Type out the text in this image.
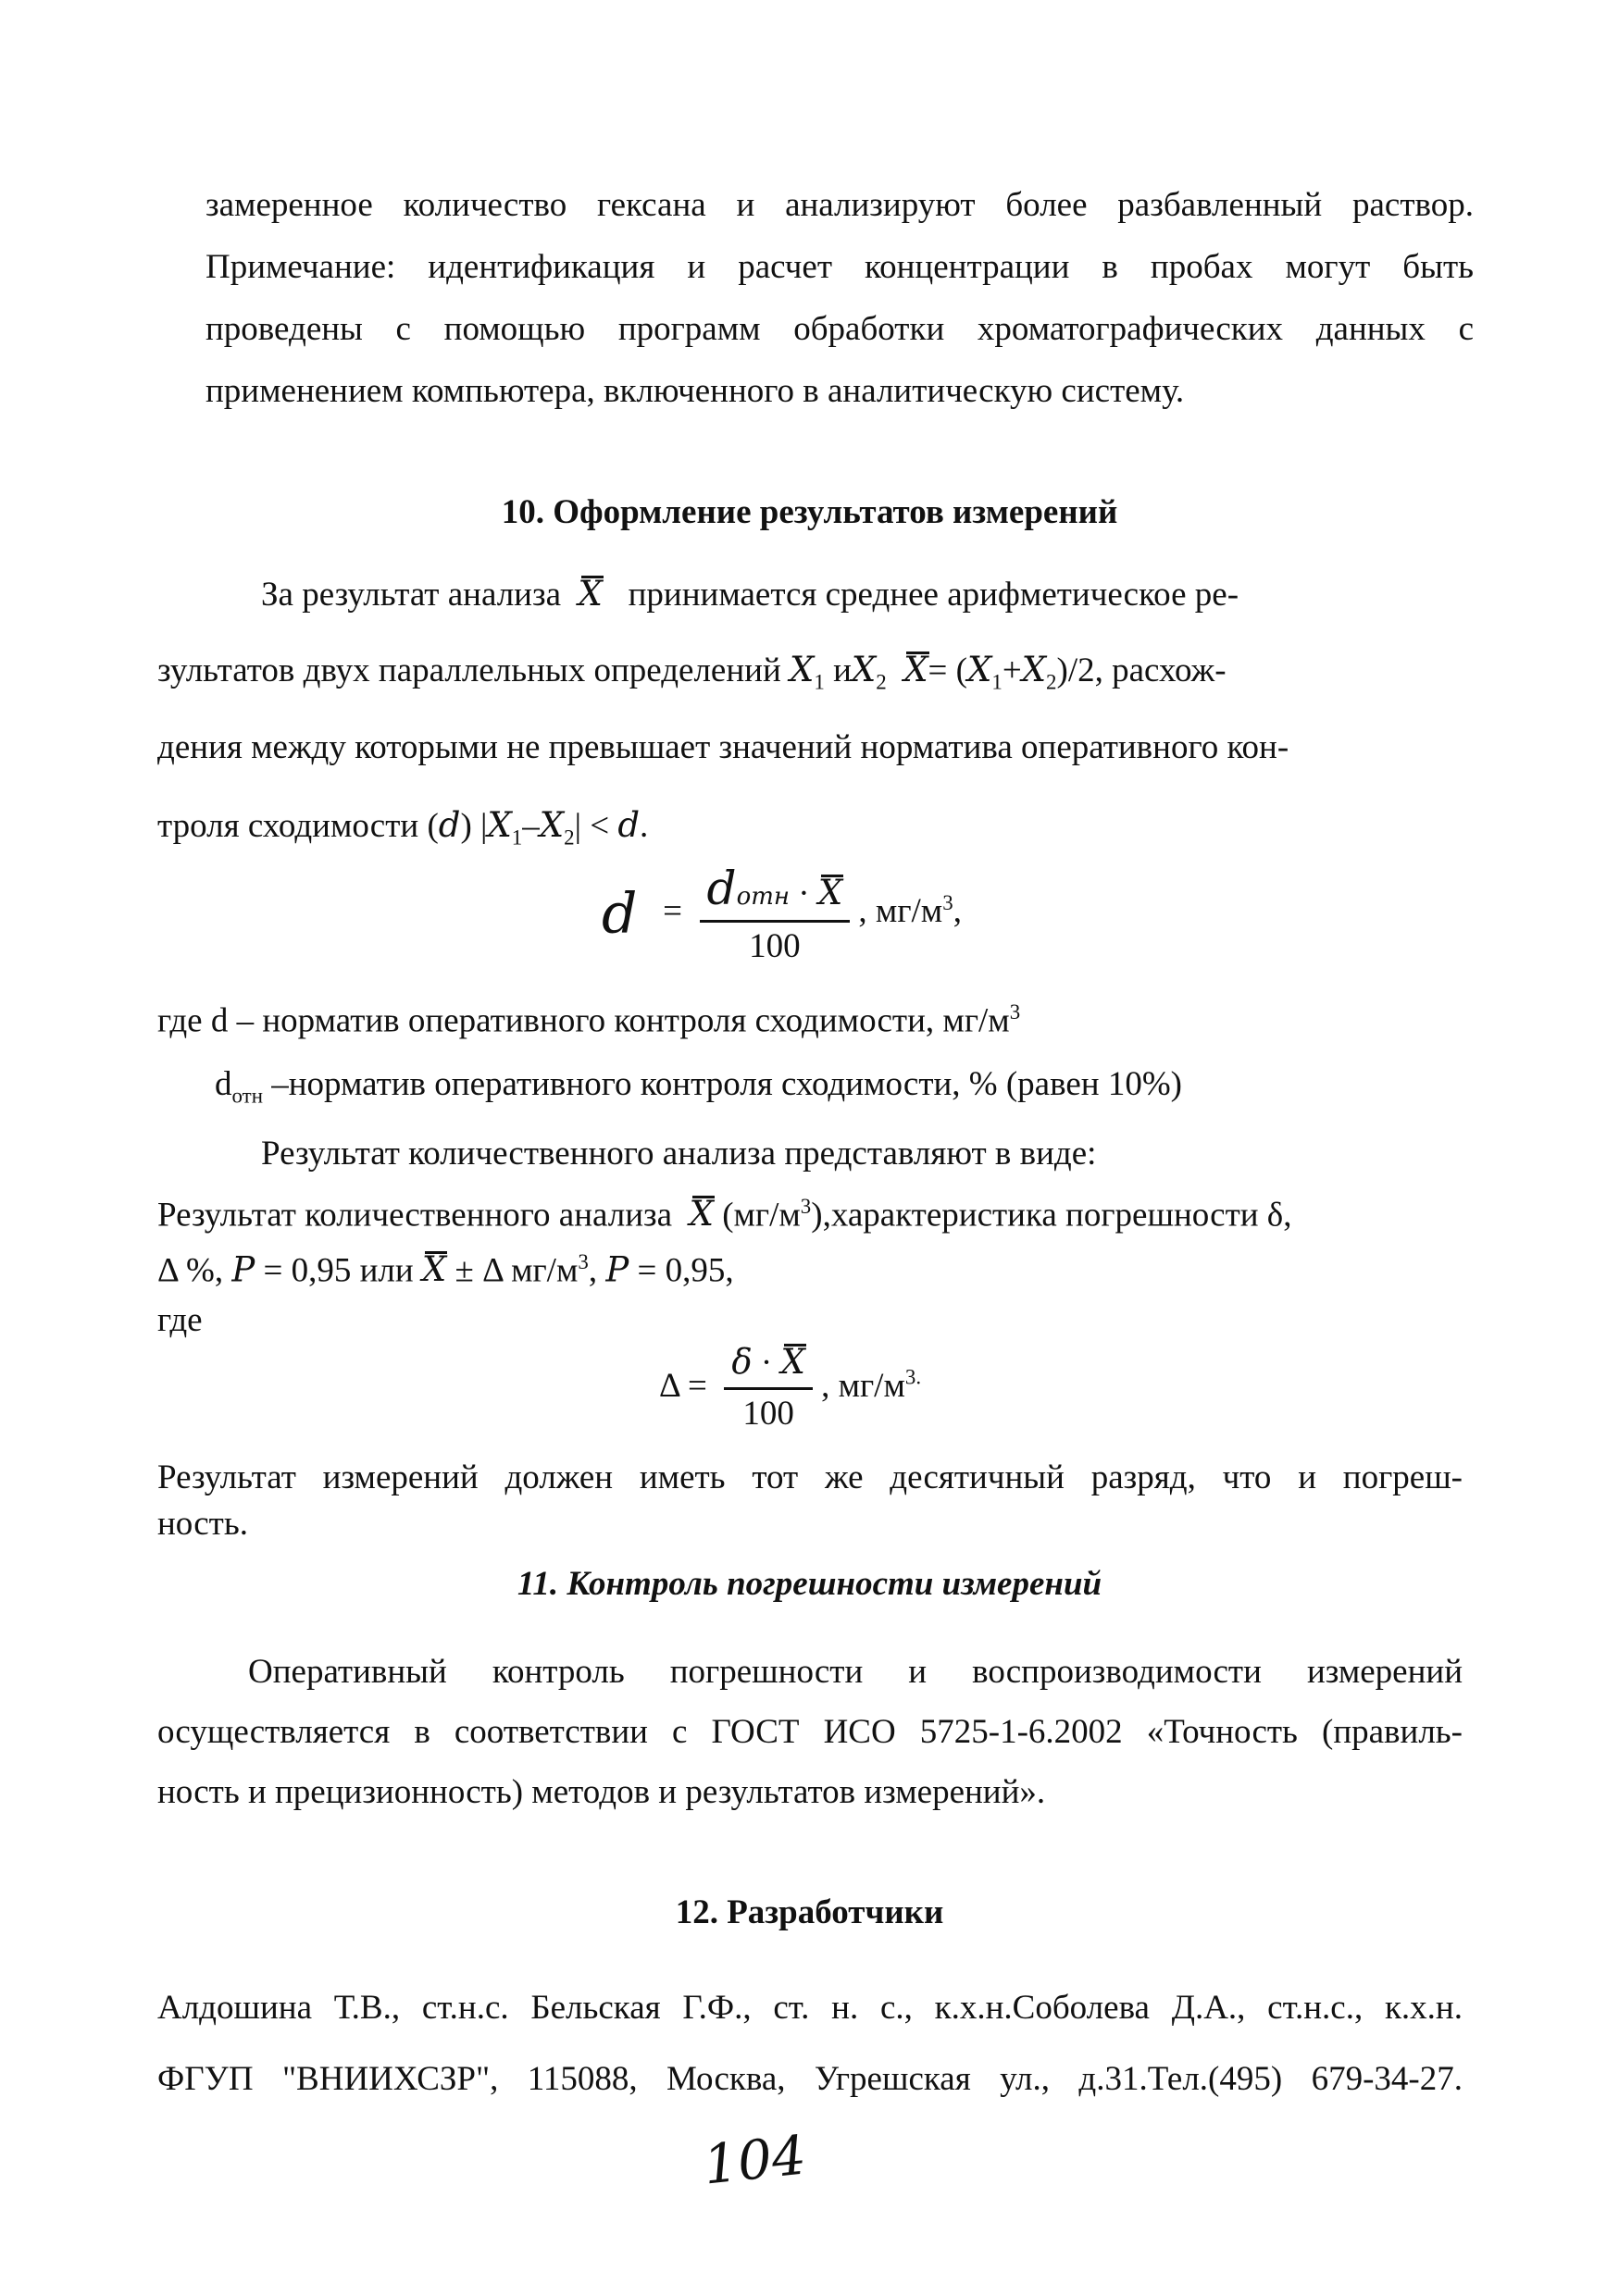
замеренное количество гексана и анализируют более разбавленный раствор.

Примечание: идентификация и расчет концентрации в пробах могут быть

проведены с помощью программ обработки хроматографических данных с

применением компьютера, включенного в аналитическую систему.

10. Оформление результатов измерений

За результат анализа X принимается среднее арифметическое ре-

зультатов двух параллельных определений $X_1$ $иX_2$ $X= (X_1+X_2)/2$, расхож-

дения между которыми не превышает значений норматива оперативного кон-

троля сходимости (d) $|X_1-X_2| < d$.

$d = \frac{\text{dотн · X}}{100}$ , $мг/м^3$,

где d – норматив оперативного контроля сходимости, $мг/м^3$

$d_{отн}$ –норматив оперативного контроля сходимости, % (равен 10%)

Результат количественного анализа представляют в виде:

Результат количественного анализа X $(мг/м^3),характеристика$ погрешности δ,

Δ %, P = 0,95 или X ± Δ $мг/м^3$, P = 0,95,

где

$\Delta = \frac{\delta \cdot X}{100}$ , $мг/м^{3.}$

Результат измерений должен иметь тот же десятичный разряд, что и погреш-

ность.

11. Контроль погрешности измерений

Оперативный контроль погрешности и воспроизводимости измерений

осуществляется в соответствии с ГОСТ ИСО 5725-1-6.2002 «Точность (правиль-

ность и прецизионность) методов и результатов измерений».

12. Разработчики

Алдошина Т.В., ст.н.с. Бельская Г.Ф., ст. н. с., к.х.н.Соболева Д.А., ст.н.с., к.х.н.

ФГУП "ВНИИХСЗР", 115088, Москва, Угрешская ул., д.31.Тел.(495) 679-34-27.

104
